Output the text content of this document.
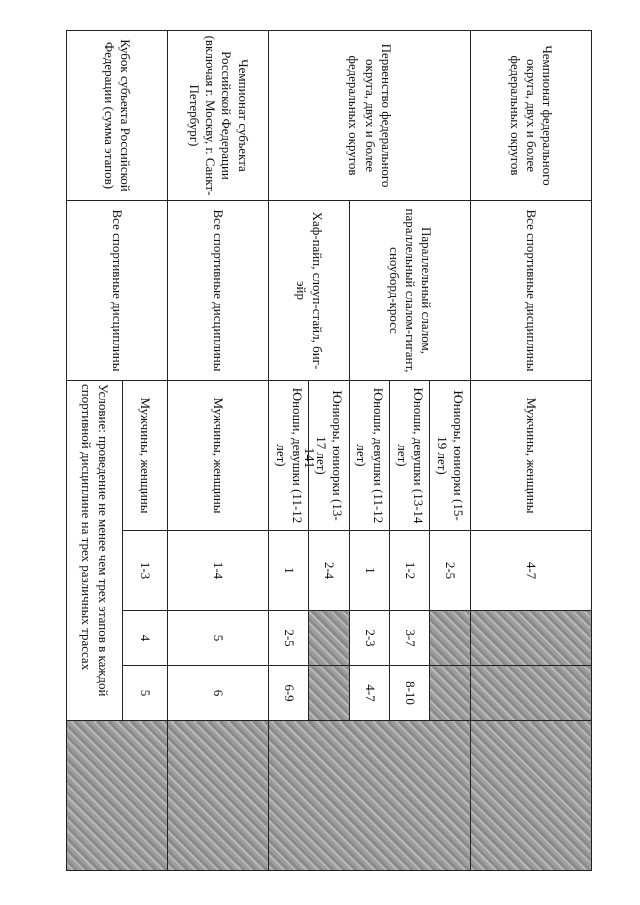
141
Чемпионат федерального округа, двух и более федеральных округов	Все спортивные дисциплины	Мужчины, женщины	4-7			
Первенство федерального округа, двух и более федеральных округов	Параллельный слалом, параллельный слалом-гигант, сноуборд-кросс	Юниоры, юниорки (15-19 лет)	2-5			
		Юноши, девушки (13-14 лет)	1-2	3-7	8-10	
		Юноши, девушки (11-12 лет)	1	2-3	4-7	
	Хаф-пайп, слоуп-стайл, биг-эйр	Юниоры, юниорки (13-17 лет)	2-4			
		Юноши, девушки (11-12 лет)	1	2-5	6-9	
Чемпионат субъекта Российской Федерации (включая г. Москву, г. Санкт-Петербург)	Все спортивные дисциплины	Мужчины, женщины	1-4	5	6	
Кубок субъекта Российской Федерации (сумма этапов)	Все спортивные дисциплины	Мужчины, женщины	1-3	4	5	
		Условие: проведение не менее чем трех этапов в каждой спортивной дисциплине на трех различных трассах				
